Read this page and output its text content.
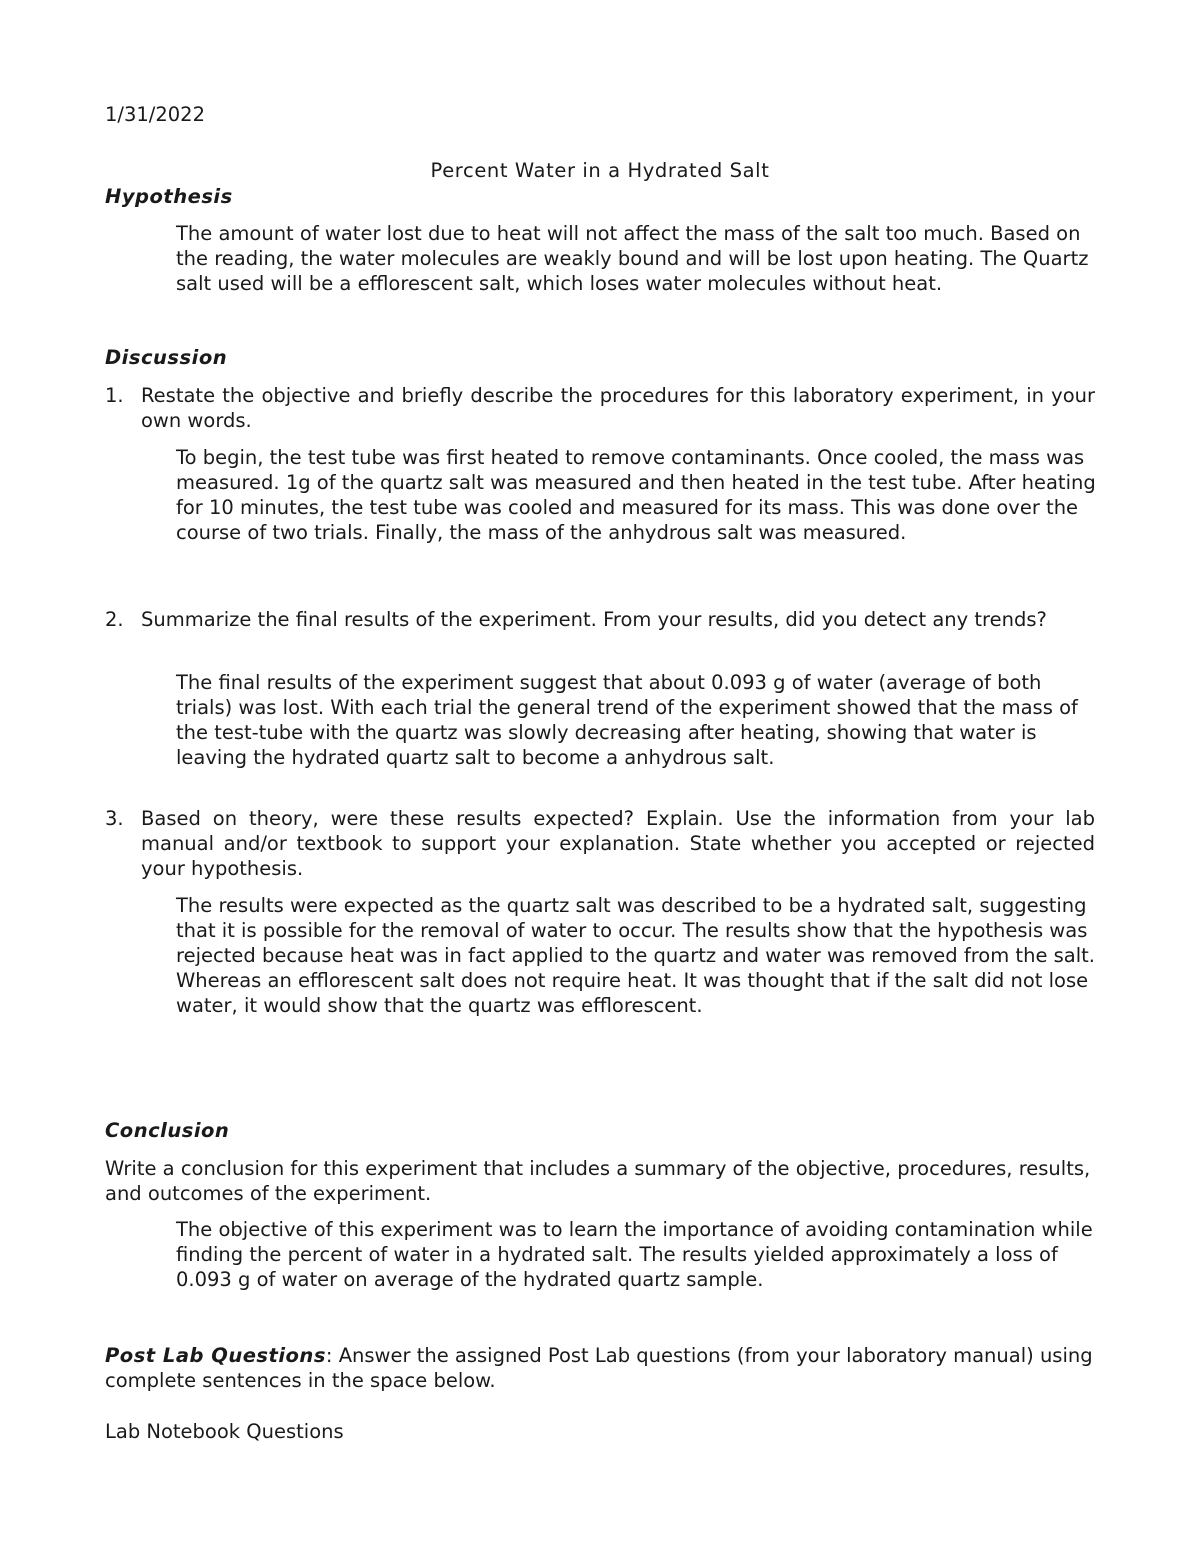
1/31/2022

Percent Water in a Hydrated Salt

Hypothesis

The amount of water lost due to heat will not affect the mass of the salt too much. Based on the reading, the water molecules are weakly bound and will be lost upon heating. The Quartz salt used will be a efflorescent salt, which loses water molecules without heat.

Discussion

1. Restate the objective and briefly describe the procedures for this laboratory experiment, in your own words.

To begin, the test tube was first heated to remove contaminants. Once cooled, the mass was measured. 1g of the quartz salt was measured and then heated in the test tube. After heating for 10 minutes, the test tube was cooled and measured for its mass. This was done over the course of two trials. Finally, the mass of the anhydrous salt was measured.

2. Summarize the final results of the experiment. From your results, did you detect any trends?

The final results of the experiment suggest that about 0.093 g of water (average of both trials) was lost. With each trial the general trend of the experiment showed that the mass of the test-tube with the quartz was slowly decreasing after heating, showing that water is leaving the hydrated quartz salt to become a anhydrous salt.

3. Based on theory, were these results expected? Explain. Use the information from your lab manual and/or textbook to support your explanation. State whether you accepted or rejected your hypothesis.

The results were expected as the quartz salt was described to be a hydrated salt, suggesting that it is possible for the removal of water to occur. The results show that the hypothesis was rejected because heat was in fact applied to the quartz and water was removed from the salt. Whereas an efflorescent salt does not require heat. It was thought that if the salt did not lose water, it would show that the quartz was efflorescent.

Conclusion

Write a conclusion for this experiment that includes a summary of the objective, procedures, results, and outcomes of the experiment.

The objective of this experiment was to learn the importance of avoiding contamination while finding the percent of water in a hydrated salt. The results yielded approximately a loss of 0.093 g of water on average of the hydrated quartz sample.

Post Lab Questions: Answer the assigned Post Lab questions (from your laboratory manual) using complete sentences in the space below.

Lab Notebook Questions
